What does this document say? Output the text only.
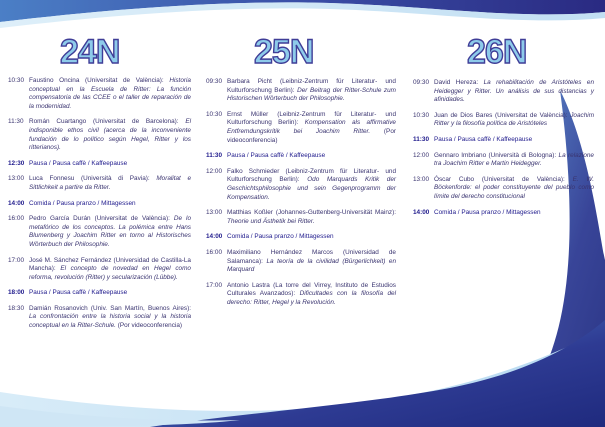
24N
10:30 Faustino Oncina (Universitat de València): Historia conceptual en la Escuela de Ritter: La función compensatoria de las CCEE o el taller de reparación de la modernidad.
11:30 Román Cuartango (Universitat de Barcelona): El indisponible ethos civil (acerca de la inconveniente fundación de lo político según Hegel, Ritter y los ritterianos).
12:30 Pausa / Pausa caffè / Kaffeepause
13:00 Luca Fonnesu (Università di Pavia): Moralitat e Sittlichkeit a partire da Ritter.
14:00 Comida / Pausa pranzo / Mittagessen
16:00 Pedro García Durán (Universitat de València): De lo metafórico de los conceptos. La polémica entre Hans Blumenberg y Joachim Ritter en torno al Historisches Wörterbuch der Philosophie.
17:00 José M. Sánchez Fernández (Universidad de Castilla-La Mancha): El concepto de novedad en Hegel como reforma, revolución (Ritter) y secularización (Lübbe).
18:00 Pausa / Pausa caffè / Kaffeepause
18:30 Damián Rosanovich (Univ. San Martín, Buenos Aires): La confrontación entre la historia social y la historia conceptual en la Ritter-Schule. (Por videoconferencia)
25N
09:30 Barbara Picht (Leibniz-Zentrum für Literatur- und Kulturforschung Berlin): Der Beitrag der Ritter-Schule zum Historischen Wörterbuch der Philosophie.
10:30 Ernst Müller (Leibniz-Zentrum für Literatur- und Kulturforschung Berlin): Kompensation als affirmative Entfremdungskritik bei Joachim Ritter. (Por videoconferencia)
11:30 Pausa / Pausa caffè / Kaffeepause
12:00 Falko Schmieder (Leibniz-Zentrum für Literatur- und Kulturforschung Berlin): Odo Marquards Kritik der Geschichtsphilosophie und sein Gegenprogramm der Kompensation.
13:00 Matthias Koßler (Johannes-Guttenberg-Universität Mainz): Theorie und Ästhetik bei Ritter.
14:00 Comida / Pausa pranzo / Mittagessen
16:00 Maximiliano Hernández Marcos (Universidad de Salamanca): La teoría de la civilidad (Bürgerlichkeit) en Marquard
17:00 Antonio Lastra (La torre del Virrey, Instituto de Estudios Culturales Avanzados): Dificultades con la filosofía del derecho: Ritter, Hegel y la Revolución.
26N
09:30 David Hereza: La rehabilitación de Aristóteles en Heidegger y Ritter. Un análisis de sus distancias y afinidades.
10:30 Juan de Dios Bares (Universitat de València): Joachim Ritter y la filosofía política de Aristóteles
11:30 Pausa / Pausa caffè / Kaffeepause
12:00 Gennaro Imbriano (Università di Bologna): La relazione tra Joachim Ritter e Martin Heidegger.
13:00 Óscar Cubo (Universitat de València): E. W. Böckenforde: el poder constituyente del pueblo como límite del derecho constitucional
14:00 Comida / Pausa pranzo / Mittagessen
